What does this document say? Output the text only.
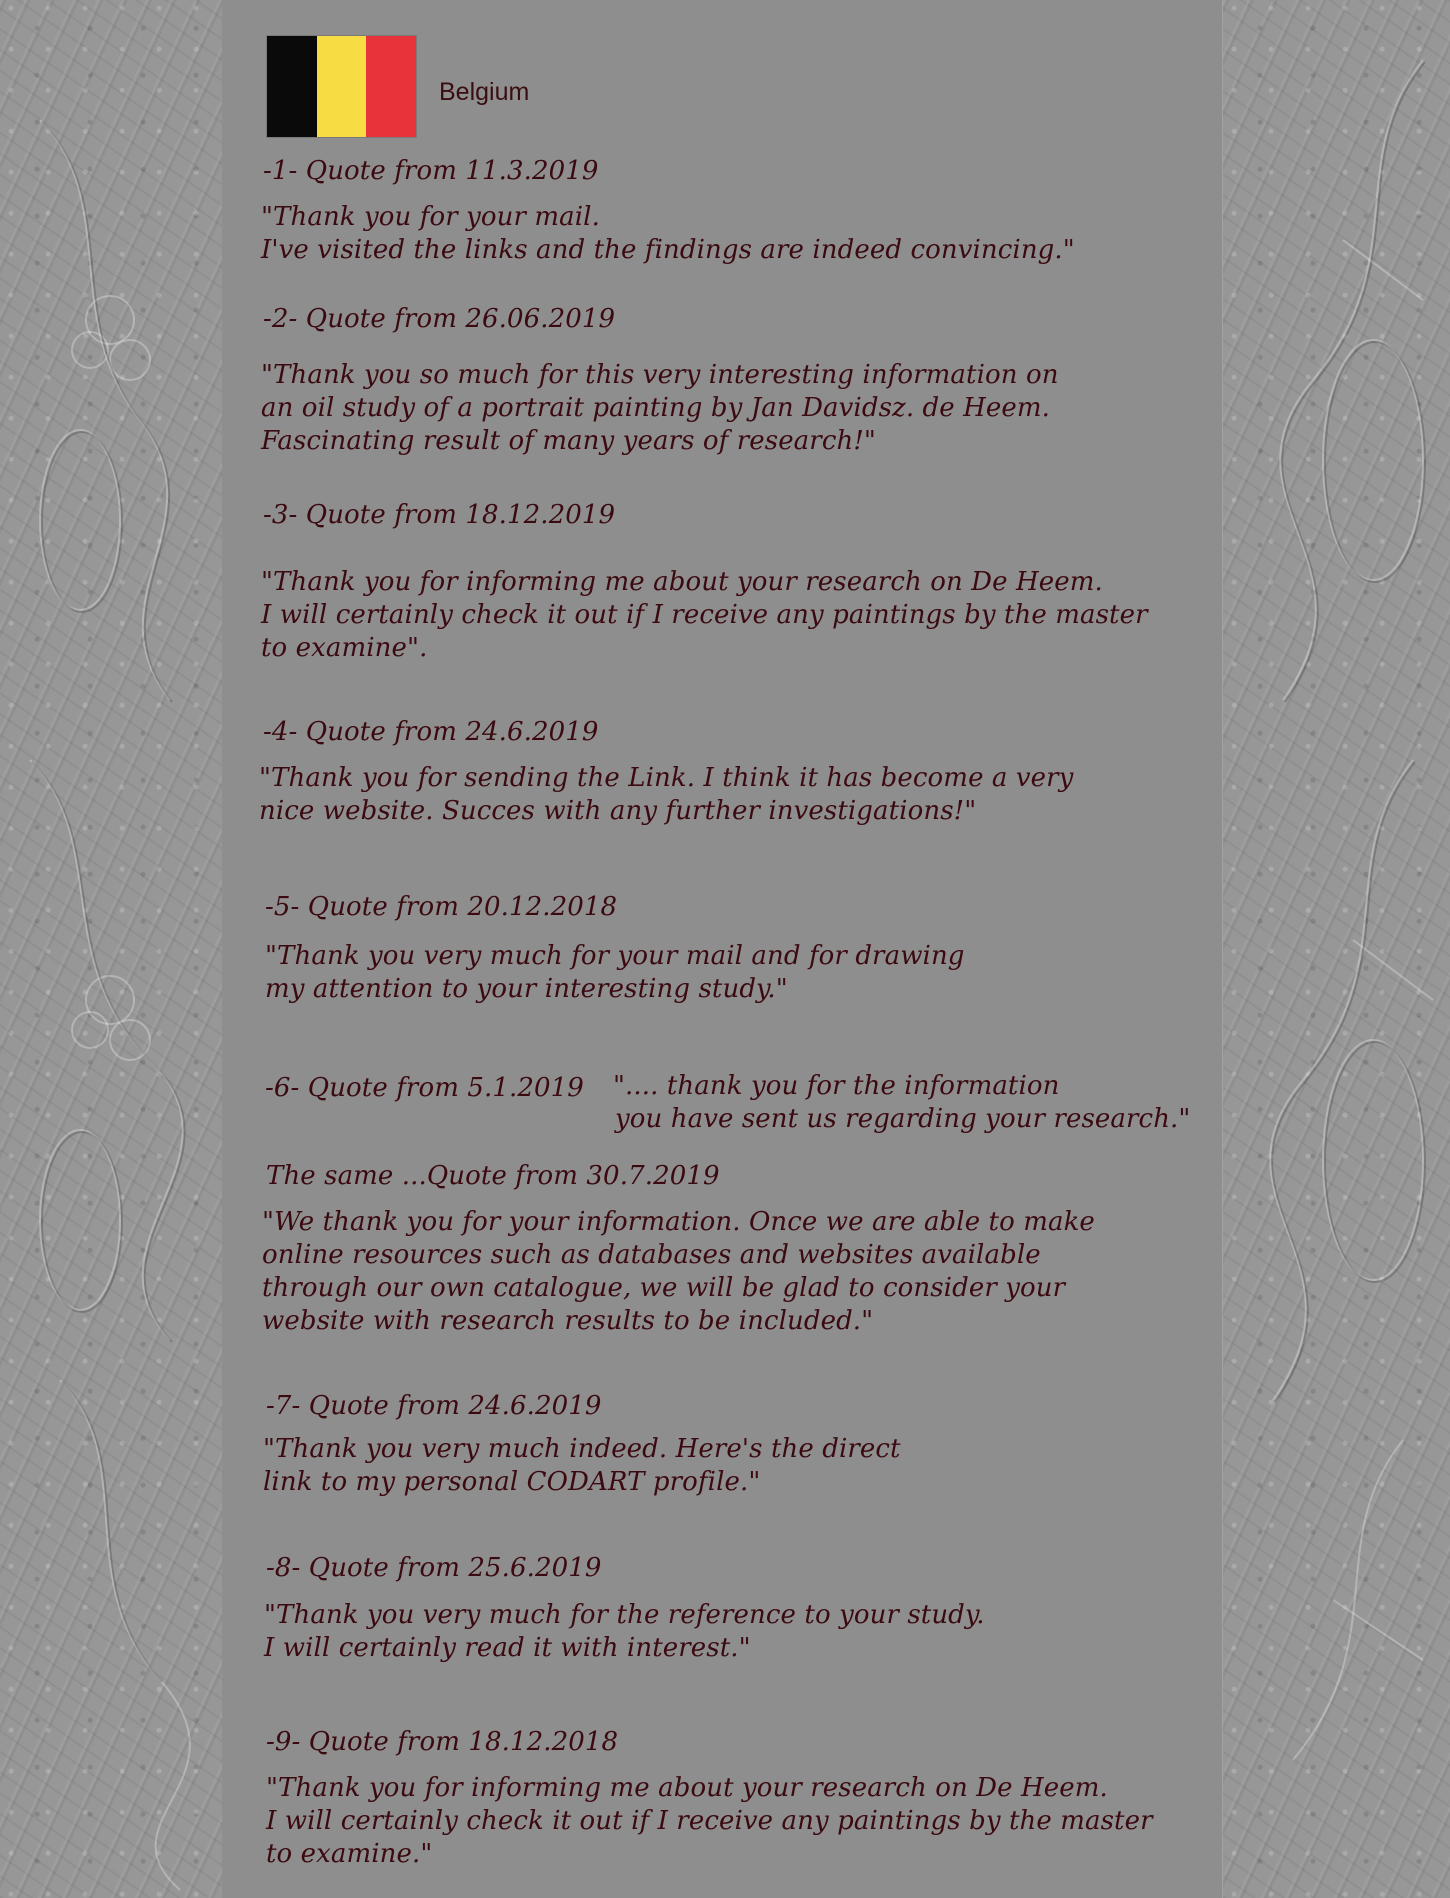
Belgium
-1- Quote from 11.3.2019
"Thank you for your mail.
I've visited the links and the findings are indeed convincing."
-2- Quote from 26.06.2019
"Thank you so much for this very interesting information on
an oil study of a portrait painting by Jan Davidsz. de Heem.
Fascinating result of many years of research!"
-3- Quote from 18.12.2019
"Thank you for informing me about your research on De Heem.
I will certainly check it out if I receive any paintings by the master
to examine".
-4- Quote from 24.6.2019
"Thank you for sending the Link. I think it has become a very
nice website. Succes with any further investigations!"
-5- Quote from 20.12.2018
"Thank you very much for your mail and for drawing
my attention to your interesting study."
-6- Quote from 5.1.2019 ".... thank you for the information
you have sent us regarding your research."
The same ...Quote from 30.7.2019
"We thank you for your information. Once we are able to make
online resources such as databases and websites available
through our own catalogue, we will be glad to consider your
website with research results to be included."
-7- Quote from 24.6.2019
"Thank you very much indeed. Here's the direct
link to my personal CODART profile."
-8- Quote from 25.6.2019
"Thank you very much for the reference to your study.
I will certainly read it with interest."
-9- Quote from 18.12.2018
"Thank you for informing me about your research on De Heem.
I will certainly check it out if I receive any paintings by the master
to examine."
